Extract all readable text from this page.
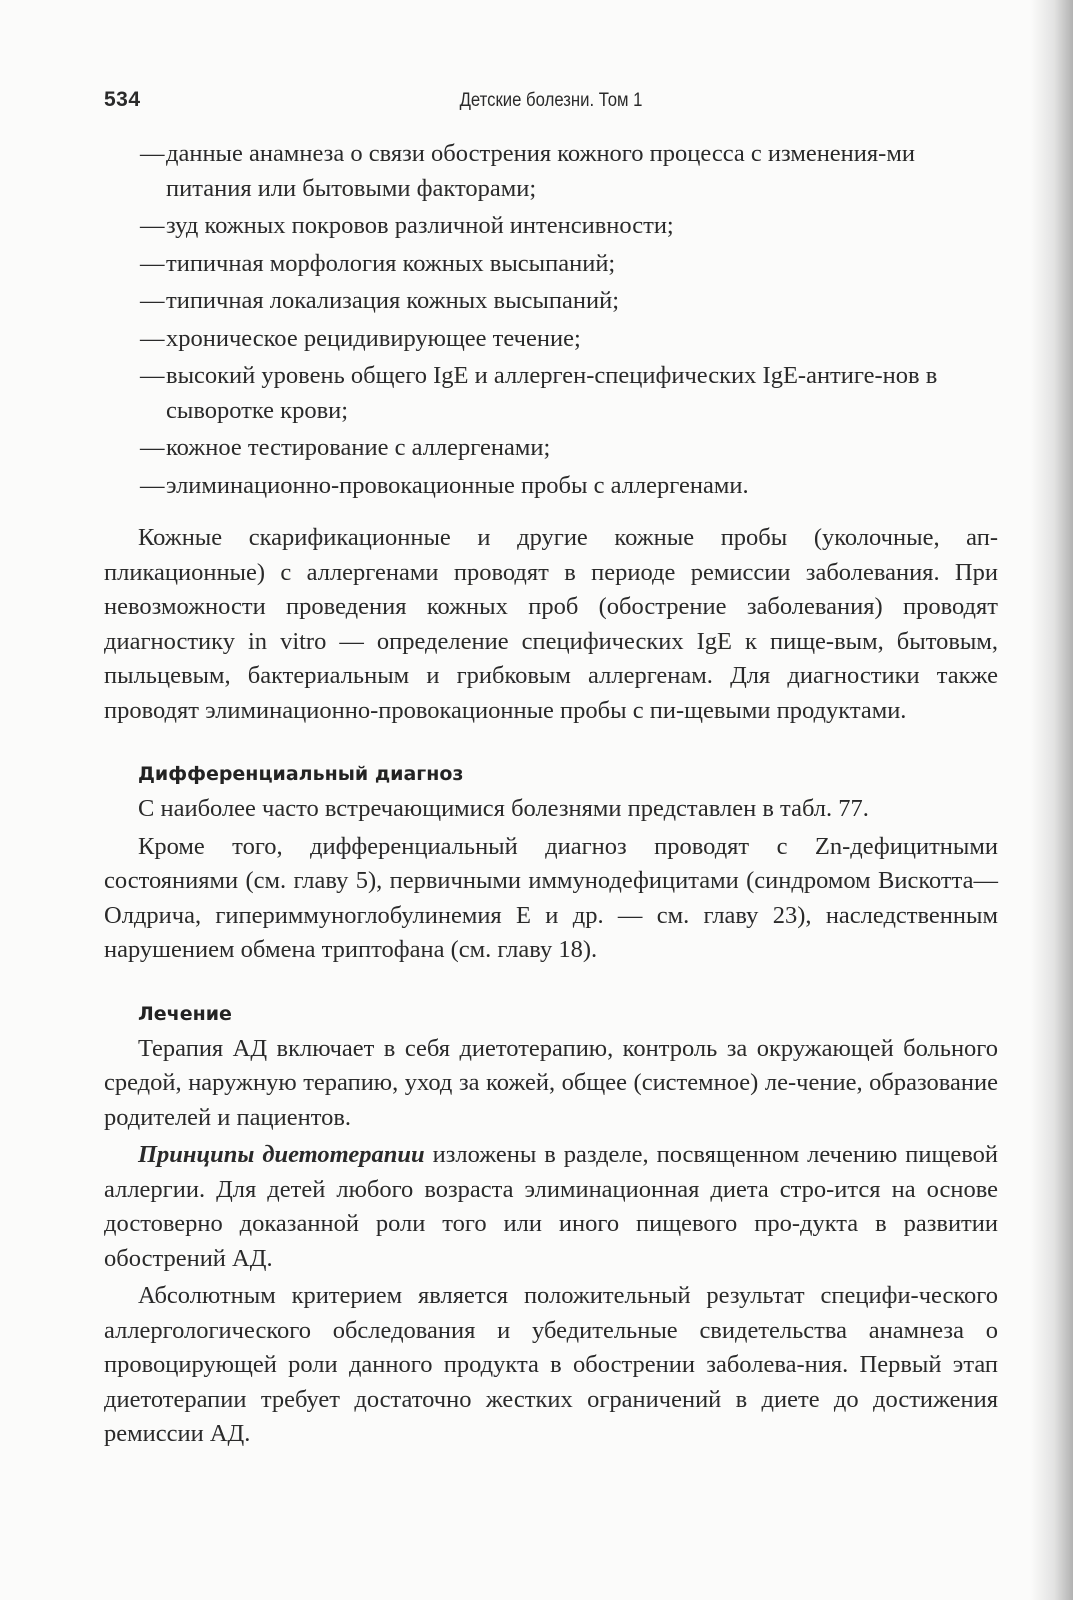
534	Детские болезни. Том 1
— данные анамнеза о связи обострения кожного процесса с изменения-ми питания или бытовыми факторами;
— зуд кожных покровов различной интенсивности;
— типичная морфология кожных высыпаний;
— типичная локализация кожных высыпаний;
— хроническое рецидивирующее течение;
— высокий уровень общего IgE и аллерген-специфических IgE-антиге-нов в сыворотке крови;
— кожное тестирование с аллергенами;
— элиминационно-провокационные пробы с аллергенами.

Кожные скарификационные и другие кожные пробы (уколочные, ап-пликационные) с аллергенами проводят в периоде ремиссии заболевания. При невозможности проведения кожных проб (обострение заболевания) проводят диагностику in vitro — определение специфических IgE к пище-вым, бытовым, пыльцевым, бактериальным и грибковым аллергенам. Для диагностики также проводят элиминационно-провокационные пробы с пи-щевыми продуктами.

Дифференциальный диагноз

С наиболее часто встречающимися болезнями представлен в табл. 77.

Кроме того, дифференциальный диагноз проводят с Zn-дефицитными состояниями (см. главу 5), первичными иммунодефицитами (синдромом Вискотта—Олдрича, гипериммуноглобулинемия Е и др. — см. главу 23), наследственным нарушением обмена триптофана (см. главу 18).

Лечение

Терапия АД включает в себя диетотерапию, контроль за окружающей больного средой, наружную терапию, уход за кожей, общее (системное) ле-чение, образование родителей и пациентов.

Принципы диетотерапии изложены в разделе, посвященном лечению пищевой аллергии. Для детей любого возраста элиминационная диета стро-ится на основе достоверно доказанной роли того или иного пищевого про-дукта в развитии обострений АД.

Абсолютным критерием является положительный результат специфи-ческого аллергологического обследования и убедительные свидетельства анамнеза о провоцирующей роли данного продукта в обострении заболева-ния. Первый этап диетотерапии требует достаточно жестких ограничений в диете до достижения ремиссии АД.
